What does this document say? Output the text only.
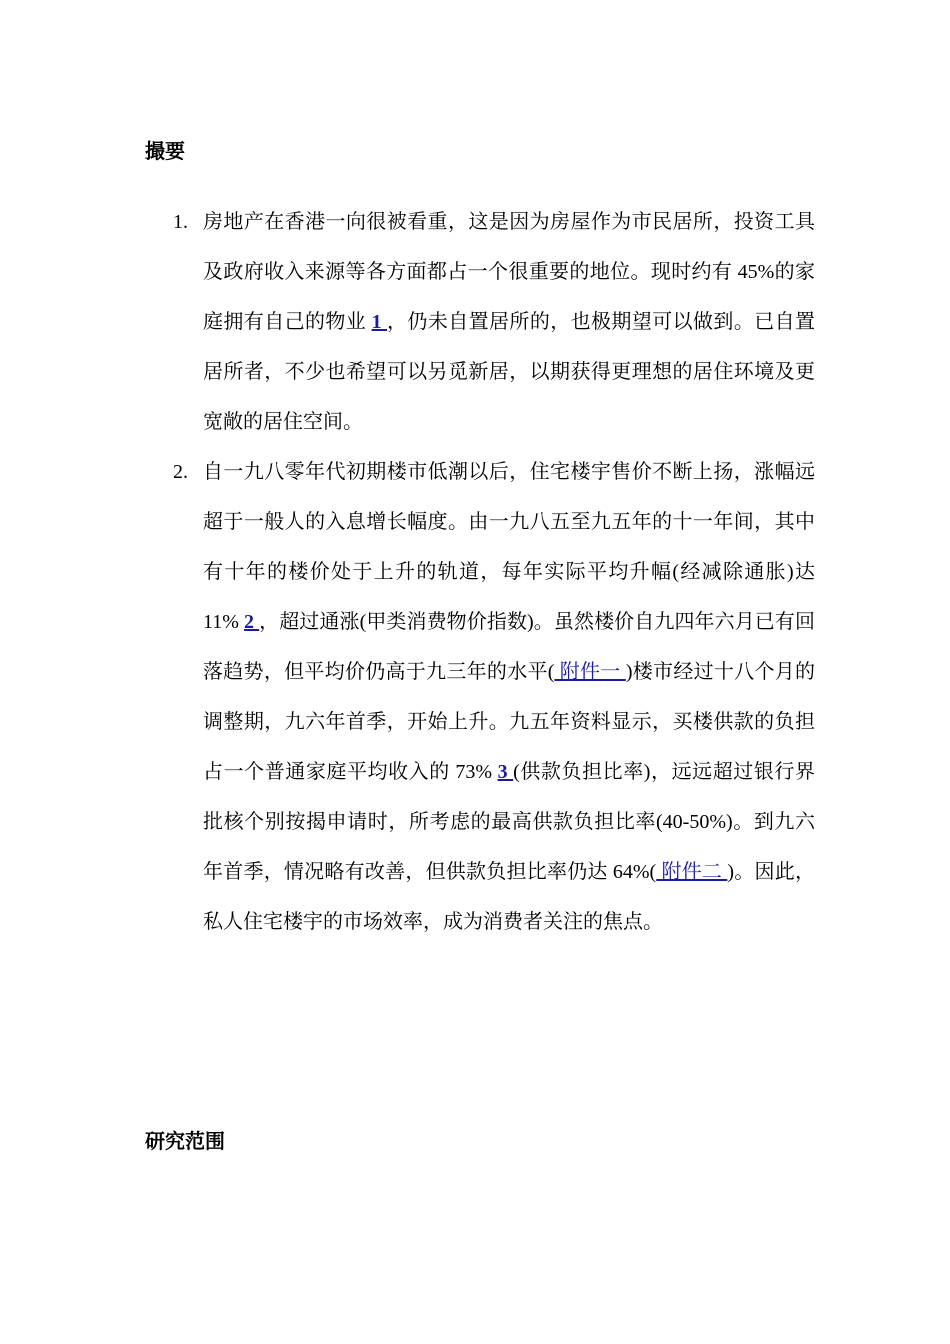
撮要
1. 房地产在香港一向很被看重，这是因为房屋作为市民居所，投资工具及政府收入来源等各方面都占一个很重要的地位。现时约有 45%的家庭拥有自己的物业 1 ，仍未自置居所的，也极期望可以做到。已自置居所者，不少也希望可以另觅新居，以期获得更理想的居住环境及更宽敞的居住空间。
2. 自一九八零年代初期楼市低潮以后，住宅楼宇售价不断上扬，涨幅远超于一般人的入息增长幅度。由一九八五至九五年的十一年间，其中有十年的楼价处于上升的轨道，每年实际平均升幅(经减除通胀)达 11% 2 ，超过通涨(甲类消费物价指数)。虽然楼价自九四年六月已有回落趋势，但平均价仍高于九三年的水平( 附件一 )楼市经过十八个月的调整期，九六年首季，开始上升。九五年资料显示，买楼供款的负担占一个普通家庭平均收入的 73% 3 (供款负担比率)，远远超过银行界批核个别按揭申请时，所考虑的最高供款负担比率(40-50%)。到九六年首季，情况略有改善，但供款负担比率仍达 64%( 附件二 )。因此，私人住宅楼宇的市场效率，成为消费者关注的焦点。
研究范围
